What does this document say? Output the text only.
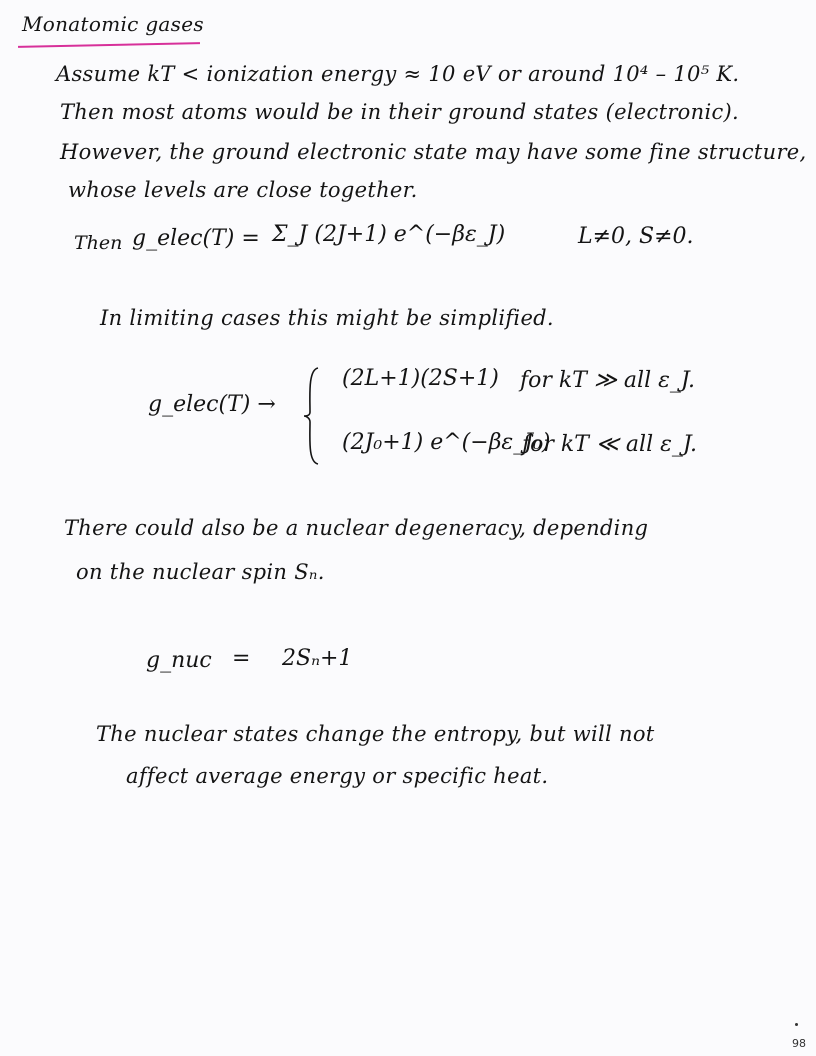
Monatomic gases
Assume kT < ionization energy ≈ 10 eV or around 10⁴ – 10⁵ K.
Then most atoms would be in their ground states (electronic).
However, the ground electronic state may have some fine structure,
whose levels are close together.
Then g_elec(T) = Σ_J (2J+1) e^(−βε_J)	L≠0, S≠0.
In limiting cases this might be simplified.
g_elec(T) →
(2L+1)(2S+1) for kT ≫ all ε_J.
(2J₀+1) e^(−βε_J₀)
for kT ≪ all ε_J.
There could also be a nuclear degeneracy, depending
on the nuclear spin Sₙ.
g_nuc = 2Sₙ+1
The nuclear states change the entropy, but will not
affect average energy or specific heat.
98
